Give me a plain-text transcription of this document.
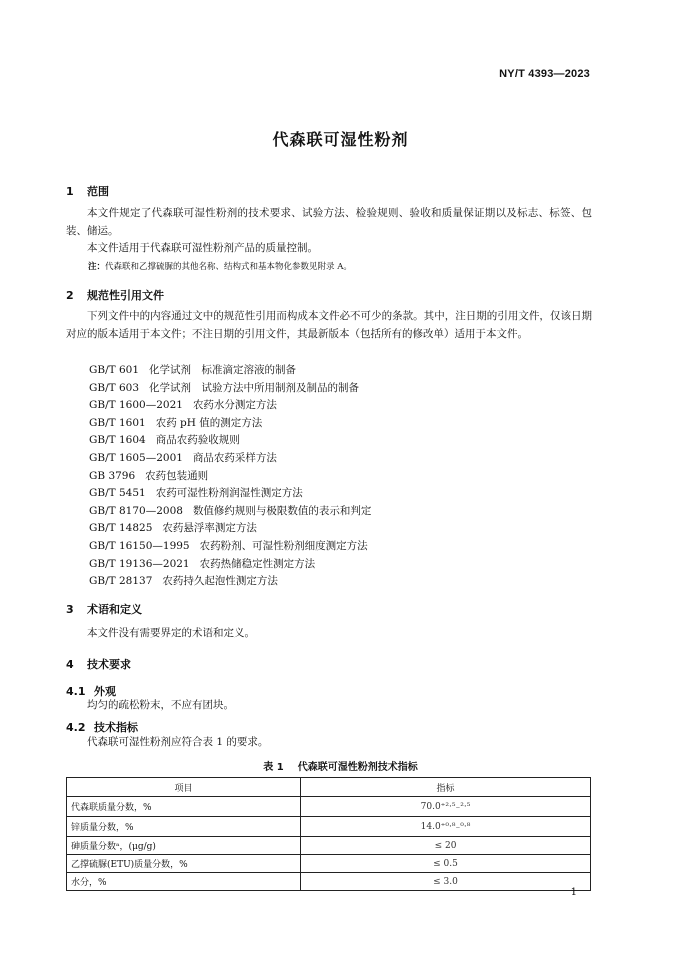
NY/T 4393—2023
代森联可湿性粉剂
1 范围
本文件规定了代森联可湿性粉剂的技术要求、试验方法、检验规则、验收和质量保证期以及标志、标签、包装、储运。
本文件适用于代森联可湿性粉剂产品的质量控制。
注：代森联和乙撑硫脲的其他名称、结构式和基本物化参数见附录 A。
2 规范性引用文件
下列文件中的内容通过文中的规范性引用而构成本文件必不可少的条款。其中，注日期的引用文件，仅该日期对应的版本适用于本文件；不注日期的引用文件，其最新版本（包括所有的修改单）适用于本文件。
GB/T 601 化学试剂　标准滴定溶液的制备
GB/T 603 化学试剂　试验方法中所用制剂及制品的制备
GB/T 1600—2021 农药水分测定方法
GB/T 1601 农药 pH 值的测定方法
GB/T 1604 商品农药验收规则
GB/T 1605—2001 商品农药采样方法
GB 3796 农药包装通则
GB/T 5451 农药可湿性粉剂润湿性测定方法
GB/T 8170—2008 数值修约规则与极限数值的表示和判定
GB/T 14825 农药悬浮率测定方法
GB/T 16150—1995 农药粉剂、可湿性粉剂细度测定方法
GB/T 19136—2021 农药热储稳定性测定方法
GB/T 28137 农药持久起泡性测定方法
3 术语和定义
本文件没有需要界定的术语和定义。
4 技术要求
4.1 外观
均匀的疏松粉末，不应有团块。
4.2 技术指标
代森联可湿性粉剂应符合表 1 的要求。
表 1 代森联可湿性粉剂技术指标
项目	指标
代森联质量分数，%	70.0⁺²·⁵₋²·⁵
锌质量分数，%	14.0⁺⁰·⁸₋⁰·⁸
砷质量分数ᵃ，(μg/g)	≤ 20
乙撑硫脲(ETU)质量分数，%	≤ 0.5
水分，%	≤ 3.0
1
